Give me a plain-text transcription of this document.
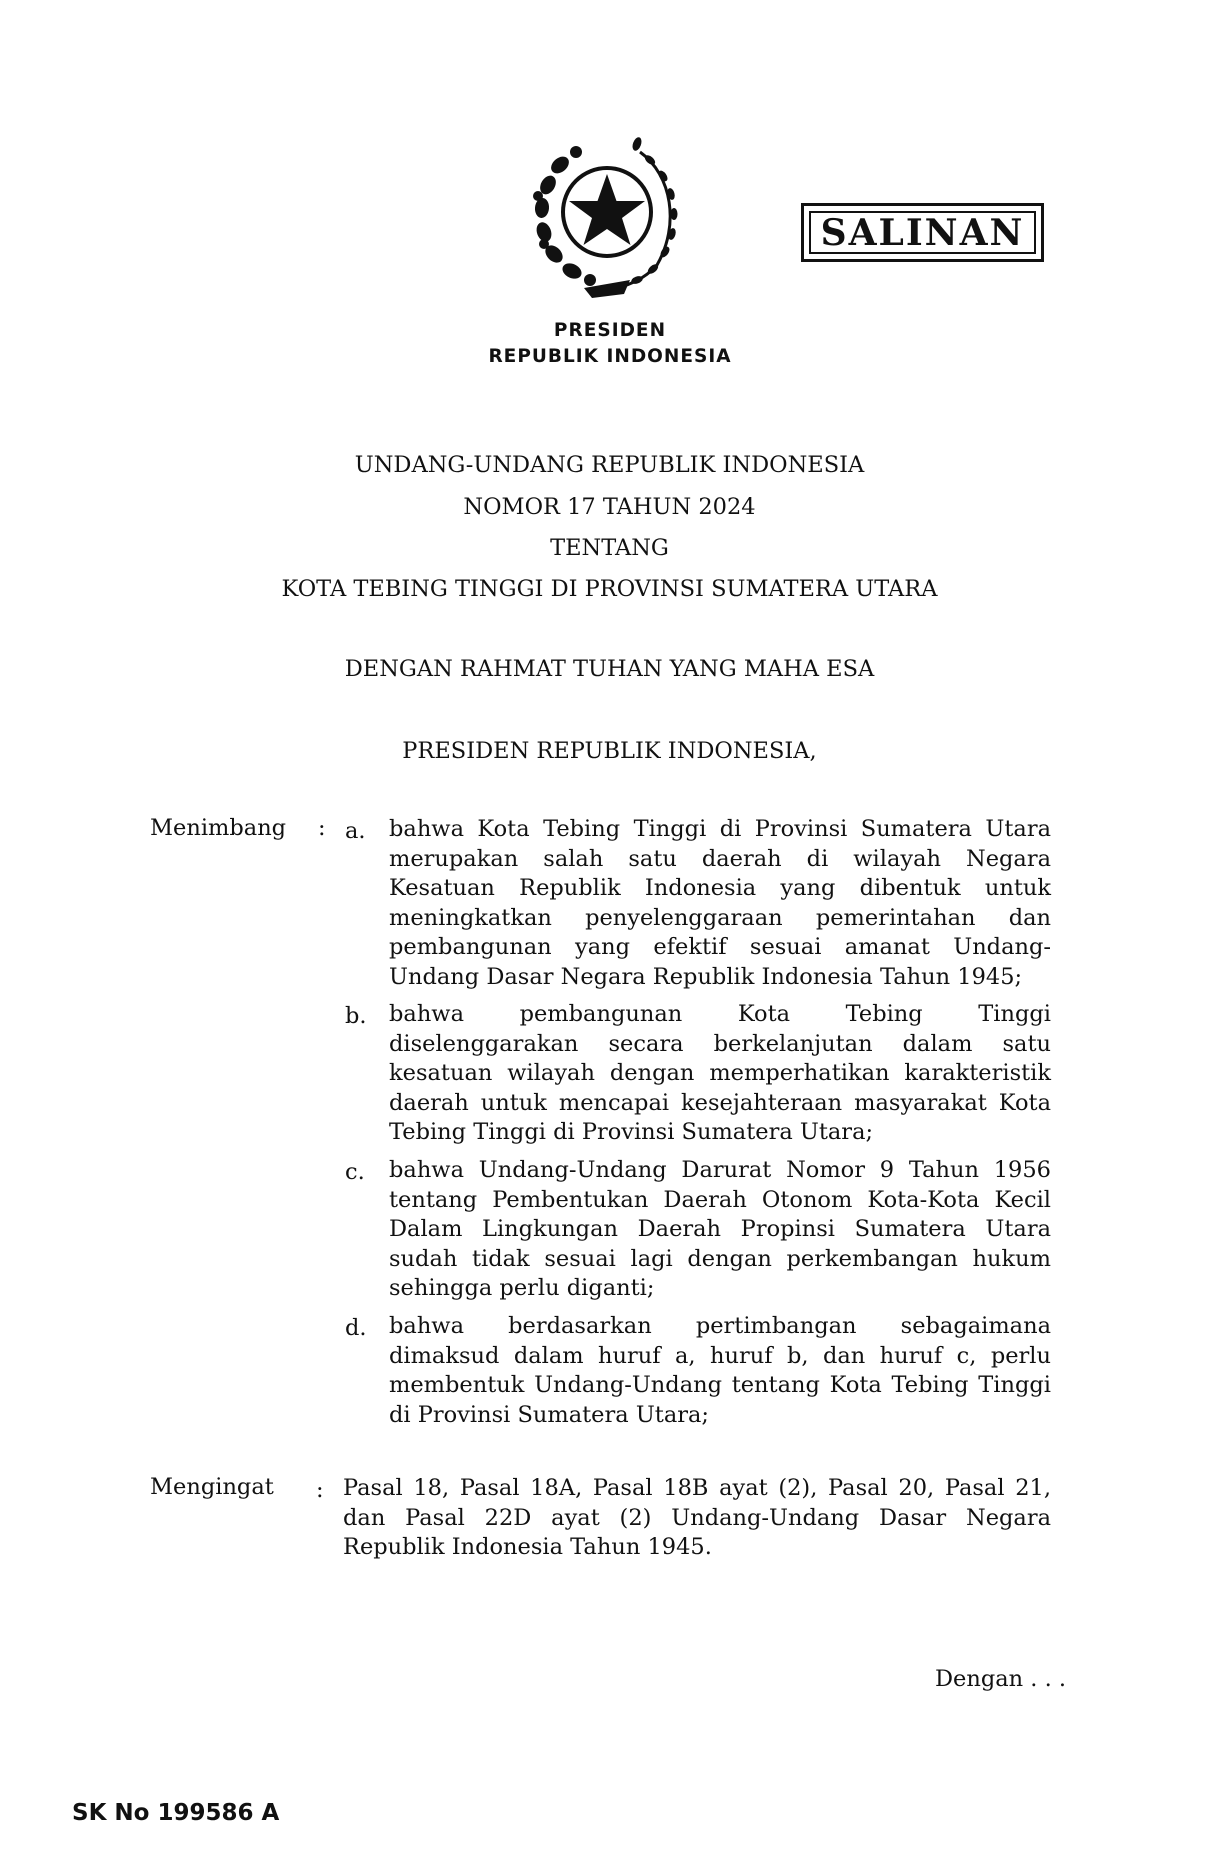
SALINAN
PRESIDEN
REPUBLIK INDONESIA
UNDANG-UNDANG REPUBLIK INDONESIA
NOMOR 17 TAHUN 2024
TENTANG
KOTA TEBING TINGGI DI PROVINSI SUMATERA UTARA
DENGAN RAHMAT TUHAN YANG MAHA ESA
PRESIDEN REPUBLIK INDONESIA,
Menimbang : a. bahwa Kota Tebing Tinggi di Provinsi Sumatera Utara merupakan salah satu daerah di wilayah Negara Kesatuan Republik Indonesia yang dibentuk untuk meningkatkan penyelenggaraan pemerintahan dan pembangunan yang efektif sesuai amanat Undang-Undang Dasar Negara Republik Indonesia Tahun 1945;
b. bahwa pembangunan Kota Tebing Tinggi diselenggarakan secara berkelanjutan dalam satu kesatuan wilayah dengan memperhatikan karakteristik daerah untuk mencapai kesejahteraan masyarakat Kota Tebing Tinggi di Provinsi Sumatera Utara;
c. bahwa Undang-Undang Darurat Nomor 9 Tahun 1956 tentang Pembentukan Daerah Otonom Kota-Kota Kecil Dalam Lingkungan Daerah Propinsi Sumatera Utara sudah tidak sesuai lagi dengan perkembangan hukum sehingga perlu diganti;
d. bahwa berdasarkan pertimbangan sebagaimana dimaksud dalam huruf a, huruf b, dan huruf c, perlu membentuk Undang-Undang tentang Kota Tebing Tinggi di Provinsi Sumatera Utara;
Mengingat : Pasal 18, Pasal 18A, Pasal 18B ayat (2), Pasal 20, Pasal 21, dan Pasal 22D ayat (2) Undang-Undang Dasar Negara Republik Indonesia Tahun 1945.
Dengan . . .
SK No 199586 A
